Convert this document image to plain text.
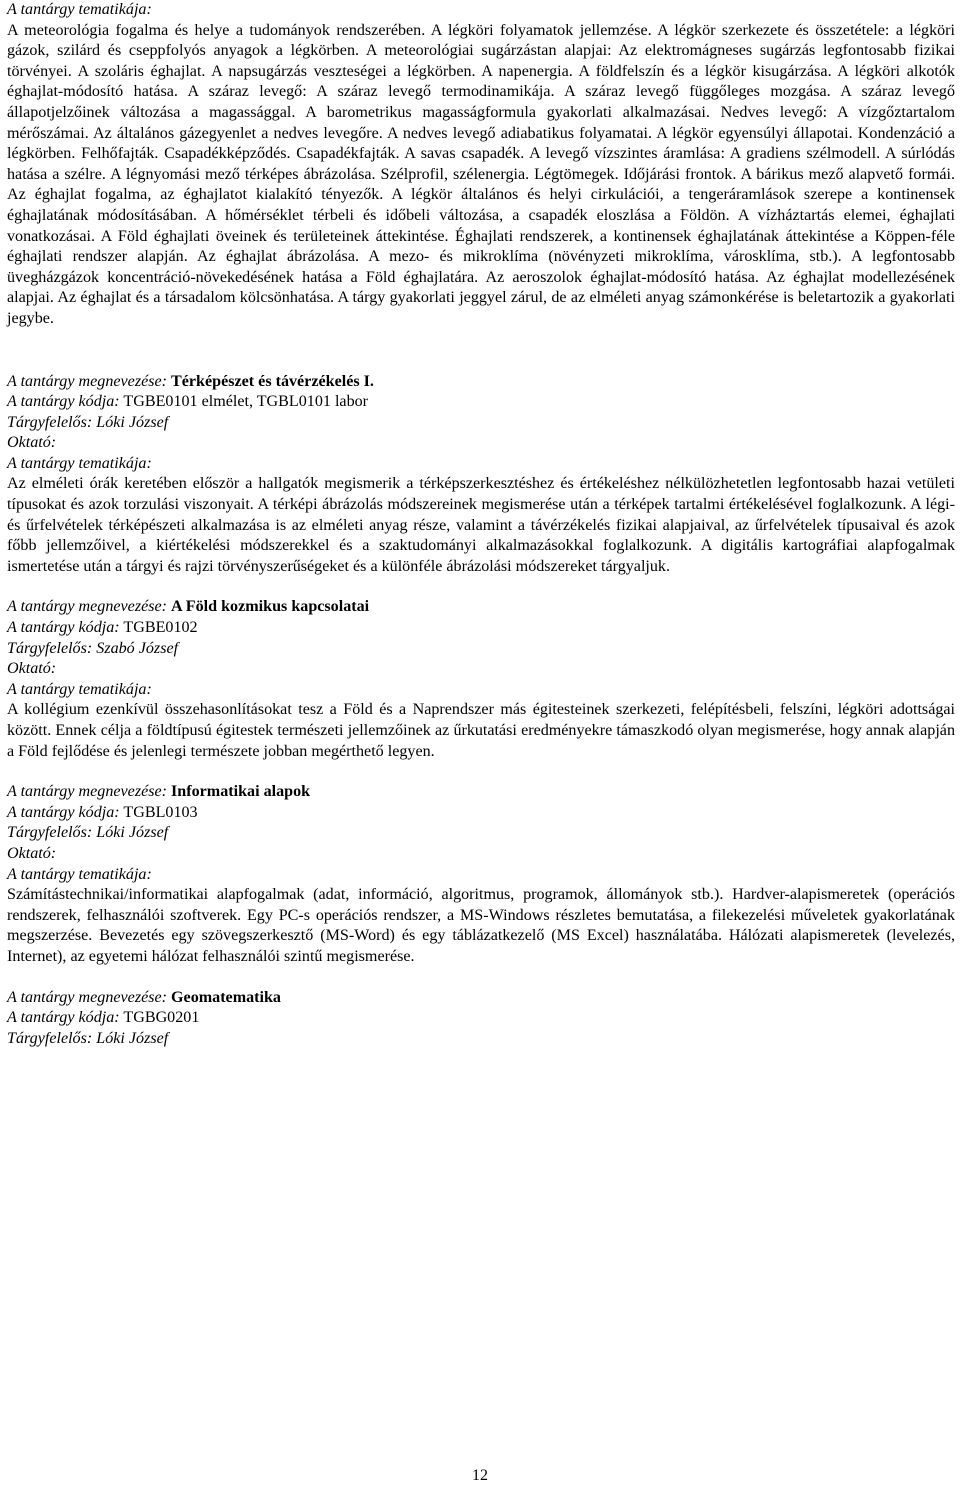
A tantárgy tematikája:

A meteorológia fogalma és helye a tudományok rendszerében. A légköri folyamatok jellemzése. A légkör szerkezete és összetétele: a légköri gázok, szilárd és cseppfolyós anyagok a légkörben. A meteorológiai sugárzástan alapjai: Az elektromágneses sugárzás legfontosabb fizikai törvényei. A szoláris éghajlat. A napsugárzás veszteségei a légkörben. A napenergia. A földfelszín és a légkör kisugárzása. A légköri alkotók éghajlat-módosító hatása. A száraz levegő: A száraz levegő termodinamikája. A száraz levegő függőleges mozgása. A száraz levegő állapotjelzőinek változása a magassággal. A barometrikus magasságformula gyakorlati alkalmazásai. Nedves levegő: A vízgőztartalom mérőszámai. Az általános gázegyenlet a nedves levegőre. A nedves levegő adiabatikus folyamatai. A légkör egyensúlyi állapotai. Kondenzáció a légkörben. Felhőfajták. Csapadékképződés. Csapadékfajták. A savas csapadék. A levegő vízszintes áramlása: A gradiens szélmodell. A súrlódás hatása a szélre. A légnyomási mező térképes ábrázolása. Szélprofil, szélenergia. Légtömegek. Időjárási frontok. A bárikus mező alapvető formái. Az éghajlat fogalma, az éghajlatot kialakító tényezők. A légkör általános és helyi cirkulációi, a tengeráramlások szerepe a kontinensek éghajlatának módosításában. A hőmérséklet térbeli és időbeli változása, a csapadék eloszlása a Földön. A vízháztartás elemei, éghajlati vonatkozásai. A Föld éghajlati öveinek és területeinek áttekintése. Éghajlati rendszerek, a kontinensek éghajlatának áttekintése a Köppen-féle éghajlati rendszer alapján. Az éghajlat ábrázolása. A mezo- és mikroklíma (növényzeti mikroklíma, városklíma, stb.). A legfontosabb üvegházgázok koncentráció-növekedésének hatása a Föld éghajlatára. Az aeroszolok éghajlat-módosító hatása. Az éghajlat modellezésének alapjai. Az éghajlat és a társadalom kölcsönhatása. A tárgy gyakorlati jeggyel zárul, de az elméleti anyag számonkérése is beletartozik a gyakorlati jegybe.

A tantárgy megnevezése: Térképészet és távérzékelés I.

A tantárgy kódja: TGBE0101 elmélet, TGBL0101 labor

Tárgyfelelős: Lóki József

Oktató:

A tantárgy tematikája:

Az elméleti órák keretében először a hallgatók megismerik a térképszerkesztéshez és értékeléshez nélkülözhetetlen legfontosabb hazai vetületi típusokat és azok torzulási viszonyait. A térképi ábrázolás módszereinek megismerése után a térképek tartalmi értékelésével foglalkozunk. A légi- és űrfelvételek térképészeti alkalmazása is az elméleti anyag része, valamint a távérzékelés fizikai alapjaival, az űrfelvételek típusaival és azok főbb jellemzőivel, a kiértékelési módszerekkel és a szaktudományi alkalmazásokkal foglalkozunk. A digitális kartográfiai alapfogalmak ismertetése után a tárgyi és rajzi törvényszerűségeket és a különféle ábrázolási módszereket tárgyaljuk.

A tantárgy megnevezése: A Föld kozmikus kapcsolatai

A tantárgy kódja: TGBE0102

Tárgyfelelős: Szabó József

Oktató:

A tantárgy tematikája:

A kollégium ezenkívül összehasonlításokat tesz a Föld és a Naprendszer más égitesteinek szerkezeti, felépítésbeli, felszíni, légköri adottságai között. Ennek célja a földtípusú égitestek természeti jellemzőinek az űrkutatási eredményekre támaszkodó olyan megismerése, hogy annak alapján a Föld fejlődése és jelenlegi természete jobban megérthető legyen.

A tantárgy megnevezése: Informatikai alapok

A tantárgy kódja: TGBL0103

Tárgyfelelős: Lóki József

Oktató:

A tantárgy tematikája:

Számítástechnikai/informatikai alapfogalmak (adat, információ, algoritmus, programok, állományok stb.). Hardver-alapismeretek (operációs rendszerek, felhasználói szoftverek. Egy PC-s operációs rendszer, a MS-Windows részletes bemutatása, a filekezelési műveletek gyakorlatának megszerzése. Bevezetés egy szövegszerkesztő (MS-Word) és egy táblázatkezelő (MS Excel) használatába. Hálózati alapismeretek (levelezés, Internet), az egyetemi hálózat felhasználói szintű megismerése.

A tantárgy megnevezése: Geomatematika

A tantárgy kódja: TGBG0201

Tárgyfelelős: Lóki József

12
